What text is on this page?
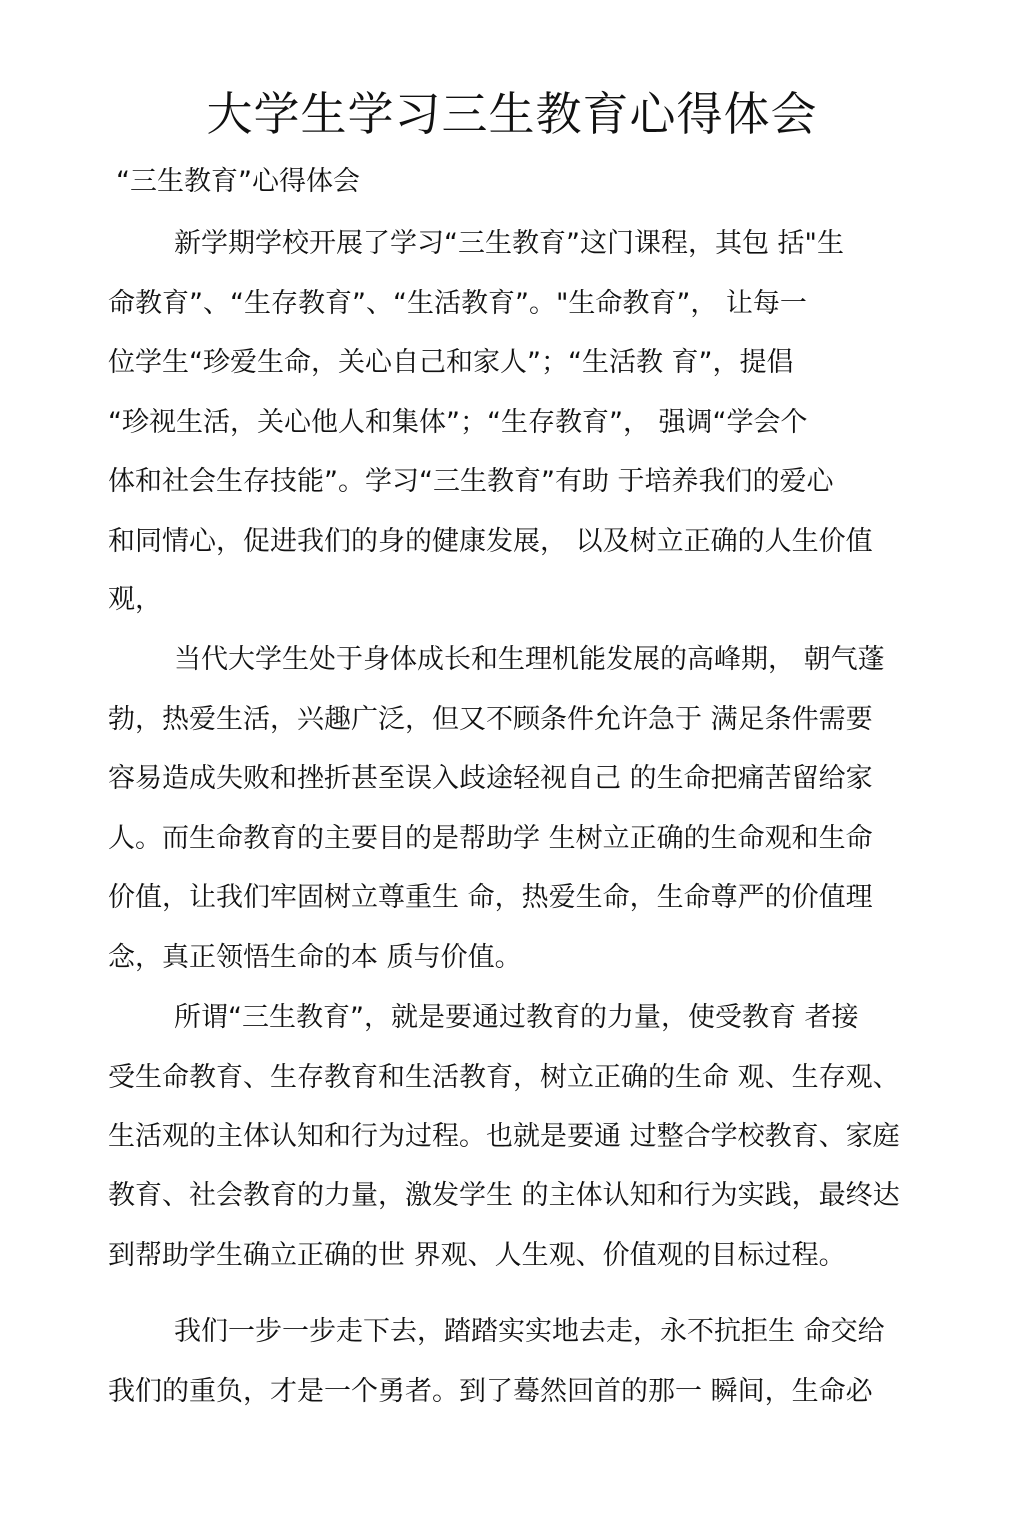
大学生学习三生教育心得体会
“三生教育”心得体会
新学期学校开展了学习“三生教育”这门课程，其包 括"生
命教育”、“生存教育”、“生活教育”。"生命教育”， 让每一
位学生“珍爱生命，关心自己和家人”；“生活教 育”，提倡
“珍视生活，关心他人和集体”；“生存教育”， 强调“学会个
体和社会生存技能”。学习“三生教育”有助 于培养我们的爱心
和同情心，促进我们的身的健康发展， 以及树立正确的人生价值
观，
当代大学生处于身体成长和生理机能发展的高峰期， 朝气蓬
勃，热爱生活，兴趣广泛，但又不顾条件允许急于 满足条件需要
容易造成失败和挫折甚至误入歧途轻视自己 的生命把痛苦留给家
人。而生命教育的主要目的是帮助学 生树立正确的生命观和生命
价值，让我们牢固树立尊重生 命，热爱生命，生命尊严的价值理
念，真正领悟生命的本 质与价值。
所谓“三生教育”，就是要通过教育的力量，使受教育 者接
受生命教育、生存教育和生活教育，树立正确的生命 观、生存观、
生活观的主体认知和行为过程。也就是要通 过整合学校教育、家庭
教育、社会教育的力量，激发学生 的主体认知和行为实践，最终达
到帮助学生确立正确的世 界观、人生观、价值观的目标过程。
我们一步一步走下去，踏踏实实地去走，永不抗拒生 命交给
我们的重负，才是一个勇者。到了蓦然回首的那一 瞬间，生命必
